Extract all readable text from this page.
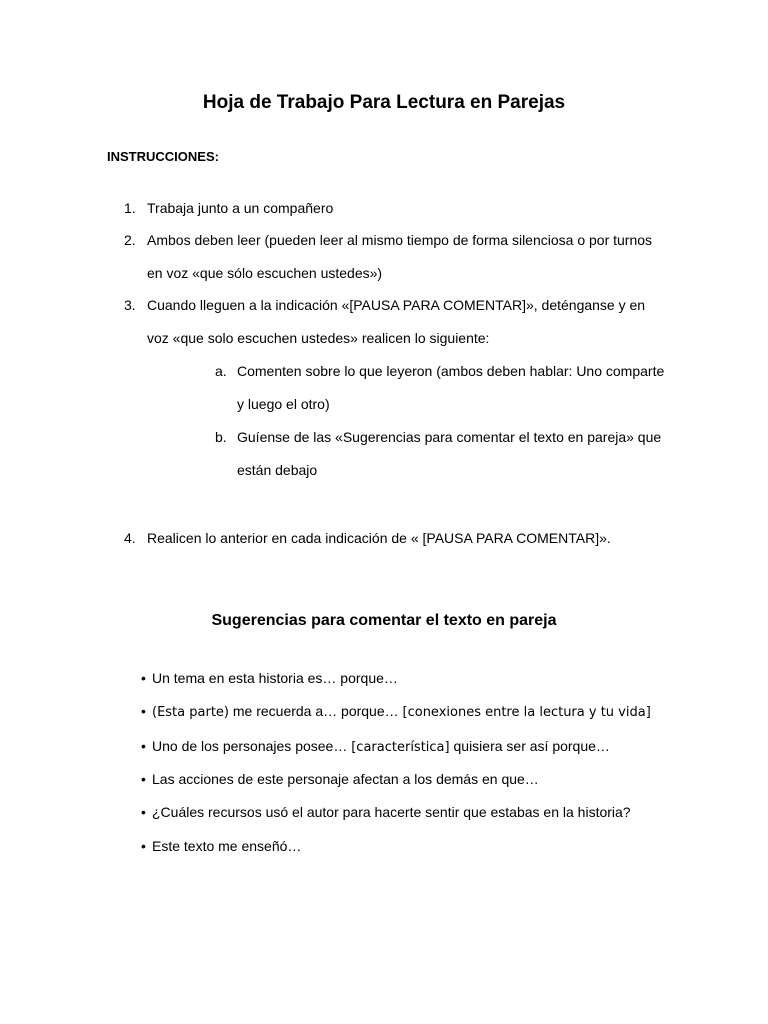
Hoja de Trabajo Para Lectura en Parejas
INSTRUCCIONES:
1. Trabaja junto a un compañero
2. Ambos deben leer (pueden leer al mismo tiempo de forma silenciosa o por turnos
en voz «que sólo escuchen ustedes»)
3. Cuando lleguen a la indicación «[PAUSA PARA COMENTAR]», deténganse y en
voz «que solo escuchen ustedes» realicen lo siguiente:
a. Comenten sobre lo que leyeron (ambos deben hablar: Uno comparte
y luego el otro)
b. Guíense de las «Sugerencias para comentar el texto en pareja» que
están debajo
4. Realicen lo anterior en cada indicación de « [PAUSA PARA COMENTAR]».
Sugerencias para comentar el texto en pareja
• Un tema en esta historia es… porque…
• (Esta parte) me recuerda a… porque… [conexiones entre la lectura y tu vida]
• Uno de los personajes posee… [característica] quisiera ser así porque…
• Las acciones de este personaje afectan a los demás en que…
• ¿Cuáles recursos usó el autor para hacerte sentir que estabas en la historia?
• Este texto me enseñó…
